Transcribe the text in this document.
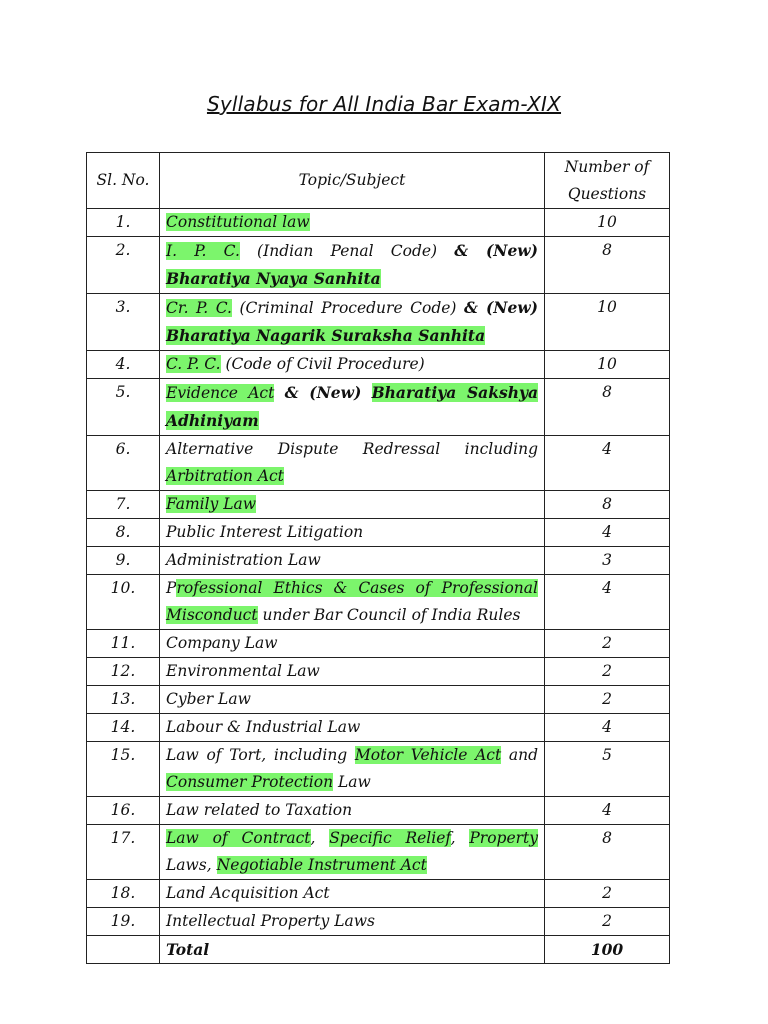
Syllabus for All India Bar Exam-XIX
Sl. No.	Topic/Subject	Number of Questions
1.	Constitutional law	10
2.	I. P. C. (Indian Penal Code) & (New) Bharatiya Nyaya Sanhita	8
3.	Cr. P. C. (Criminal Procedure Code) & (New) Bharatiya Nagarik Suraksha Sanhita	10
4.	C. P. C. (Code of Civil Procedure)	10
5.	Evidence Act & (New) Bharatiya Sakshya Adhiniyam	8
6.	Alternative Dispute Redressal including Arbitration Act	4
7.	Family Law	8
8.	Public Interest Litigation	4
9.	Administration Law	3
10.	Professional Ethics & Cases of Professional Misconduct under Bar Council of India Rules	4
11.	Company Law	2
12.	Environmental Law	2
13.	Cyber Law	2
14.	Labour & Industrial Law	4
15.	Law of Tort, including Motor Vehicle Act and Consumer Protection Law	5
16.	Law related to Taxation	4
17.	Law of Contract, Specific Relief, Property Laws, Negotiable Instrument Act	8
18.	Land Acquisition Act	2
19.	Intellectual Property Laws	2
	Total	100
